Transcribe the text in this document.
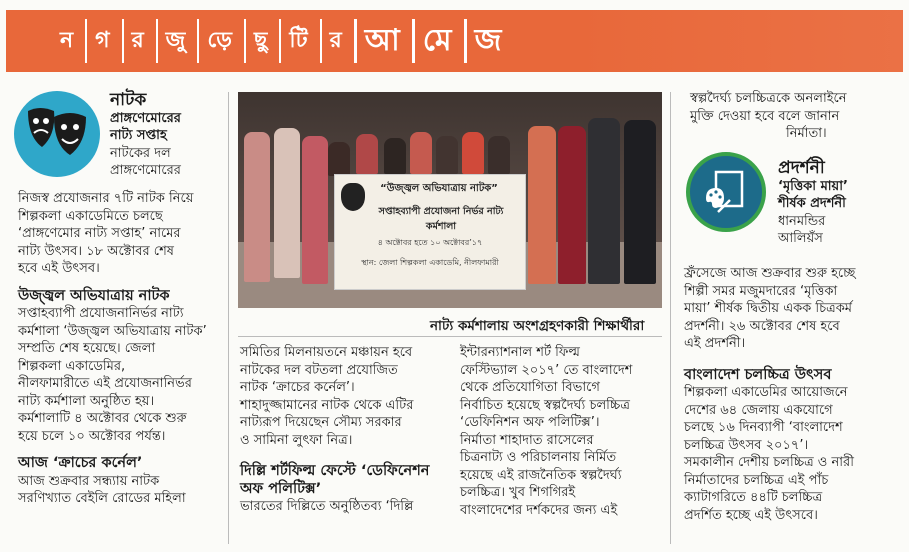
ন	গ	র	জু	ড়ে	ছু	টি	র আ মে জ
নাটক
প্রাঙ্গণেমোরের
নাট্য সপ্তাহ
নাটকের দল
প্রাঙ্গণেমোরের
নিজস্ব প্রযোজনার ৭টি নাটক নিয়ে
শিল্পকলা একাডেমিতে চলছে
‘প্রাঙ্গণেমোর নাট্য সপ্তাহ’ নামের
নাট্য উৎসব। ১৮ অক্টোবর শেষ
হবে এই উৎসব।
উজ্জ্বল অভিযাত্রায় নাটক
সপ্তাহব্যাপী প্রযোজনানির্ভর নাট্য
কর্মশালা ‘উজ্জ্বল অভিযাত্রায় নাটক’
সম্প্রতি শেষ হয়েছে। জেলা
শিল্পকলা একাডেমির,
নীলফামারীতে এই প্রযোজনানির্ভর
নাট্য কর্মশালা অনুষ্ঠিত হয়।
কর্মশালাটি ৪ অক্টোবর থেকে শুরু
হয়ে চলে ১০ অক্টোবর পর্যন্ত।
আজ ‘ক্রাচের কর্নেল’
আজ শুক্রবার সন্ধ্যায় নাটক
সরণিখ্যাত বেইলি রোডের মহিলা
“উজ্জ্বল অভিযাত্রায় নাটক”
সপ্তাহব্যাপী প্রযোজনা নির্ভর নাট্য কর্মশালা
৪ অক্টোবর হতে ১০ অক্টোবর’১৭
স্থান: জেলা শিল্পকলা একাডেমি, নীলফামারী
নাট্য কর্মশালায় অংশগ্রহণকারী শিক্ষার্থীরা
সমিতির মিলনায়তনে মঞ্চায়ন হবে
নাটকের দল বটতলা প্রযোজিত
নাটক ‘ক্রাচের কর্নেল’।
শাহাদুজ্জামানের নাটক থেকে এটির
নাট্যরূপ দিয়েছেন সৌম্য সরকার
ও সামিনা লুৎফা নিত্র।
দিল্লি শর্টফিল্ম ফেস্টে ‘ডেফিনেশন
অফ পলিটিক্স’
ভারতের দিল্লিতে অনুষ্ঠিতব্য ‘দিল্লি
ইন্টারন্যাশনাল শর্ট ফিল্ম
ফেস্টিভ্যাল ২০১৭’ তে বাংলাদেশ
থেকে প্রতিযোগিতা বিভাগে
নির্বাচিত হয়েছে স্বল্পদৈর্ঘ্য চলচ্চিত্র
‘ডেফিনিশন অফ পলিটিক্স’।
নির্মাতা শাহাদাত রাসেলের
চিত্রনাট্য ও পরিচালনায় নির্মিত
হয়েছে এই রাজনৈতিক স্বল্পদৈর্ঘ্য
চলচ্চিত্র। খুব শিগগিরই
বাংলাদেশের দর্শকদের জন্য এই
স্বল্পদৈর্ঘ্য চলচ্চিত্রকে অনলাইনে
মুক্তি দেওয়া হবে বলে জানান
নির্মাতা।
প্রদর্শনী
‘মৃত্তিকা মায়া’
শীর্ষক প্রদর্শনী
ধানমন্ডির
আলিয়ঁস
ফ্রঁসেজে আজ শুক্রবার শুরু হচ্ছে
শিল্পী সমর মজুমদারের ‘মৃত্তিকা
মায়া’ শীর্ষক দ্বিতীয় একক চিত্রকর্ম
প্রদর্শনী। ২৬ অক্টোবর শেষ হবে
এই প্রদর্শনী।
বাংলাদেশ চলচ্চিত্র উৎসব
শিল্পকলা একাডেমির আয়োজনে
দেশের ৬৪ জেলায় একযোগে
চলছে ১৬ দিনব্যাপী ‘বাংলাদেশ
চলচ্চিত্র উৎসব ২০১৭’।
সমকালীন দেশীয় চলচ্চিত্র ও নারী
নির্মাতাদের চলচ্চিত্র এই পাঁচ
ক্যাটাগরিতে ৪৪টি চলচ্চিত্র
প্রদর্শিত হচ্ছে এই উৎসবে।
